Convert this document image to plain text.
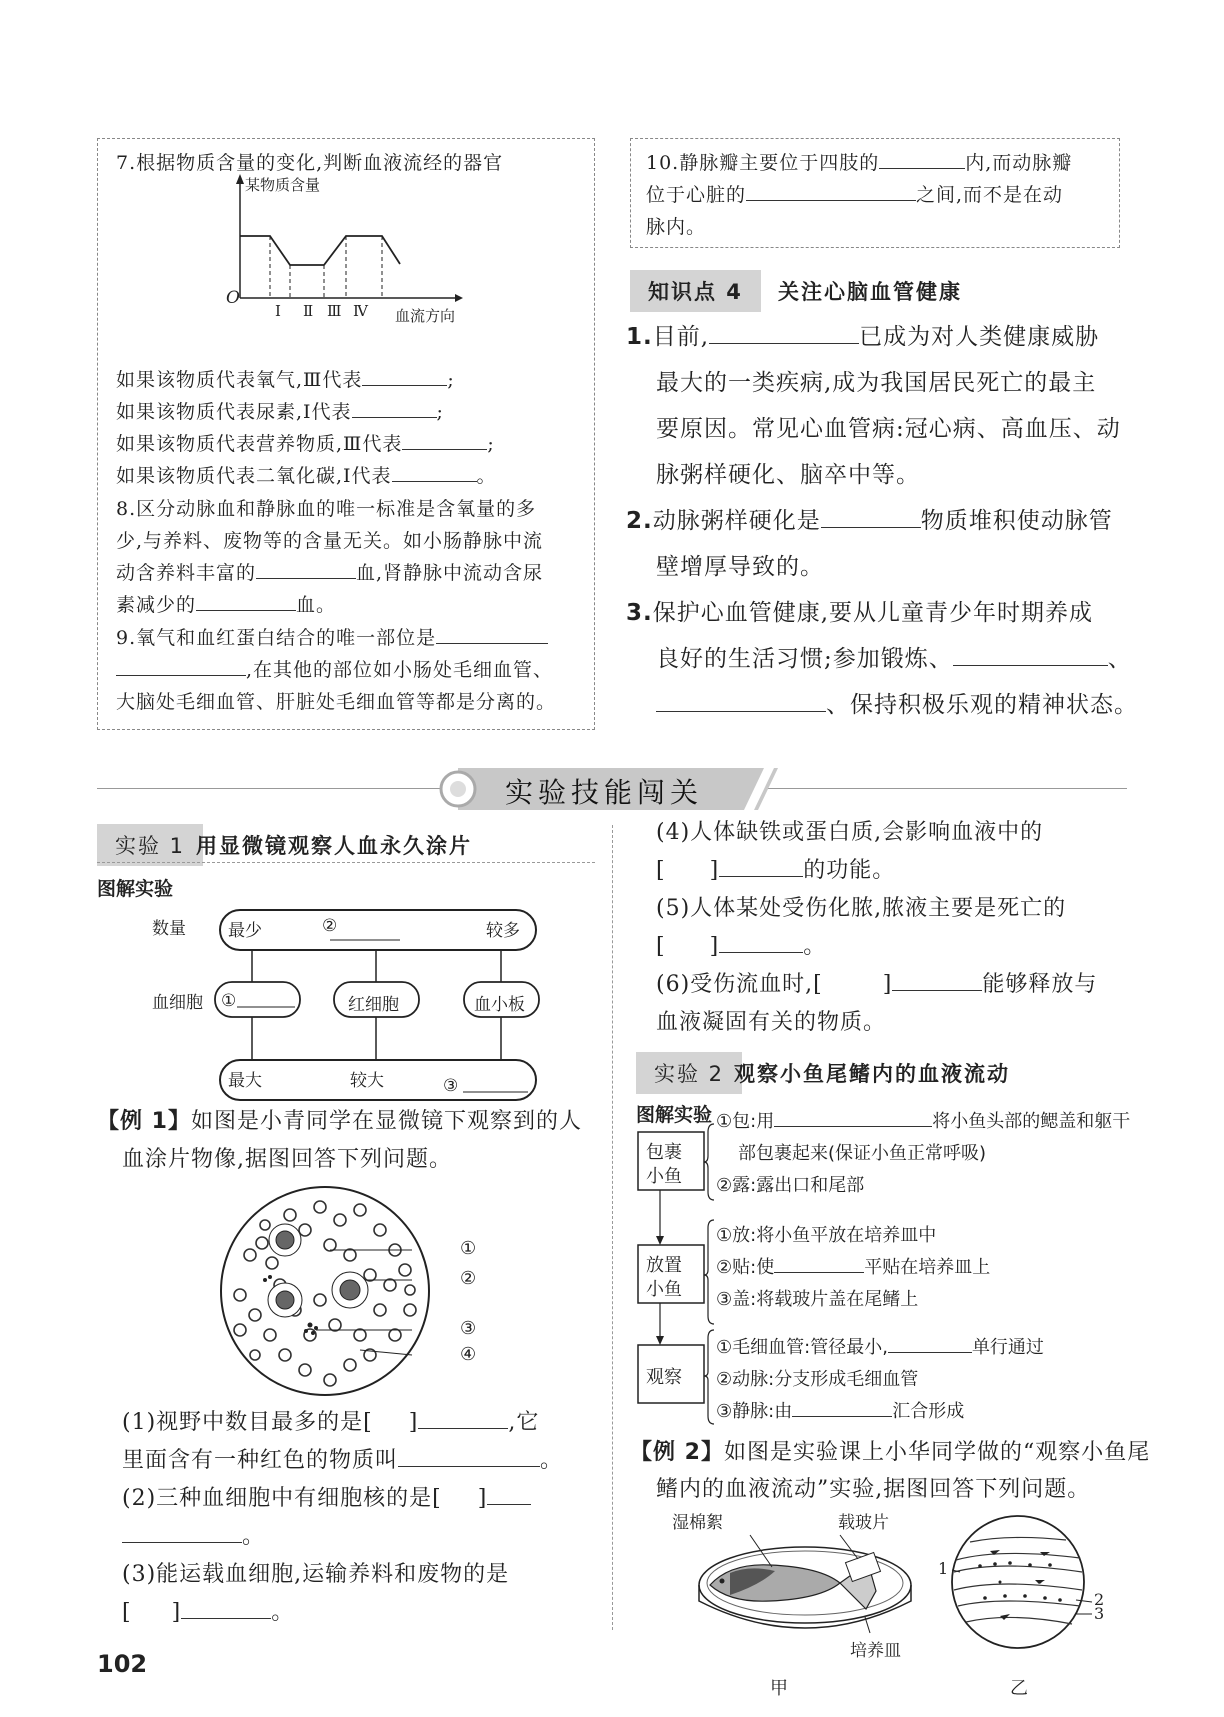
7.根据物质含量的变化,判断血液流经的器官
某物质含量
O
Ⅰ Ⅱ Ⅲ Ⅳ 血流方向
如果该物质代表氧气,Ⅲ代表	;
如果该物质代表尿素,Ⅰ代表	;
如果该物质代表营养物质,Ⅲ代表	;
如果该物质代表二氧化碳,Ⅰ代表	。
8.区分动脉血和静脉血的唯一标准是含氧量的多
少,与养料、废物等的含量无关。如小肠静脉中流
动含养料丰富的	血,肾静脉中流动含尿
素减少的	血。
9.氧气和血红蛋白结合的唯一部位是
,在其他的部位如小肠处毛细血管、
大脑处毛细血管、肝脏处毛细血管等都是分离的。
10.静脉瓣主要位于四肢的	内,而动脉瓣
位于心脏的	之间,而不是在动
脉内。
知识点 4	关注心脑血管健康
1.目前,	已成为对人类健康威胁
最大的一类疾病,成为我国居民死亡的最主
要原因。常见心血管病:冠心病、高血压、动
脉粥样硬化、脑卒中等。
2.动脉粥样硬化是	物质堆积使动脉管
壁增厚导致的。
3.保护心血管健康,要从儿童青少年时期养成
良好的生活习惯;参加锻炼、	、
、保持积极乐观的精神状态。
实验技能闯关
实验 1 用显微镜观察人血永久涂片
图解实验
数量
血细胞
最少	②	较多
①	红细胞	血小板
最大	较大	③
【例 1】如图是小青同学在显微镜下观察到的人
血涂片物像,据图回答下列问题。
①
②
③
④
(1)视野中数目最多的是[ ]	,它
里面含有一种红色的物质叫	。
(2)三种血细胞中有细胞核的是[ ]
。
(3)能运载血细胞,运输养料和废物的是
[ ]	。
(4)人体缺铁或蛋白质,会影响血液中的
[ ]	的功能。
(5)人体某处受伤化脓,脓液主要是死亡的
[ ]	。
(6)受伤流血时,[	]	能够释放与
血液凝固有关的物质。
实验 2 观察小鱼尾鳍内的血液流动
图解实验
包裹
小鱼
放置
小鱼
观察
①包:用	将小鱼头部的鳃盖和躯干
部包裹起来(保证小鱼正常呼吸)
②露:露出口和尾部
①放:将小鱼平放在培养皿中
②贴:使	平贴在培养皿上
③盖:将载玻片盖在尾鳍上
①毛细血管:管径最小,	单行通过
②动脉:分支形成毛细血管
③静脉:由	汇合形成
【例 2】如图是实验课上小华同学做的“观察小鱼尾
鳍内的血液流动”实验,据图回答下列问题。
湿棉絮	载玻片
培养皿
甲
1
2
3
乙
102
